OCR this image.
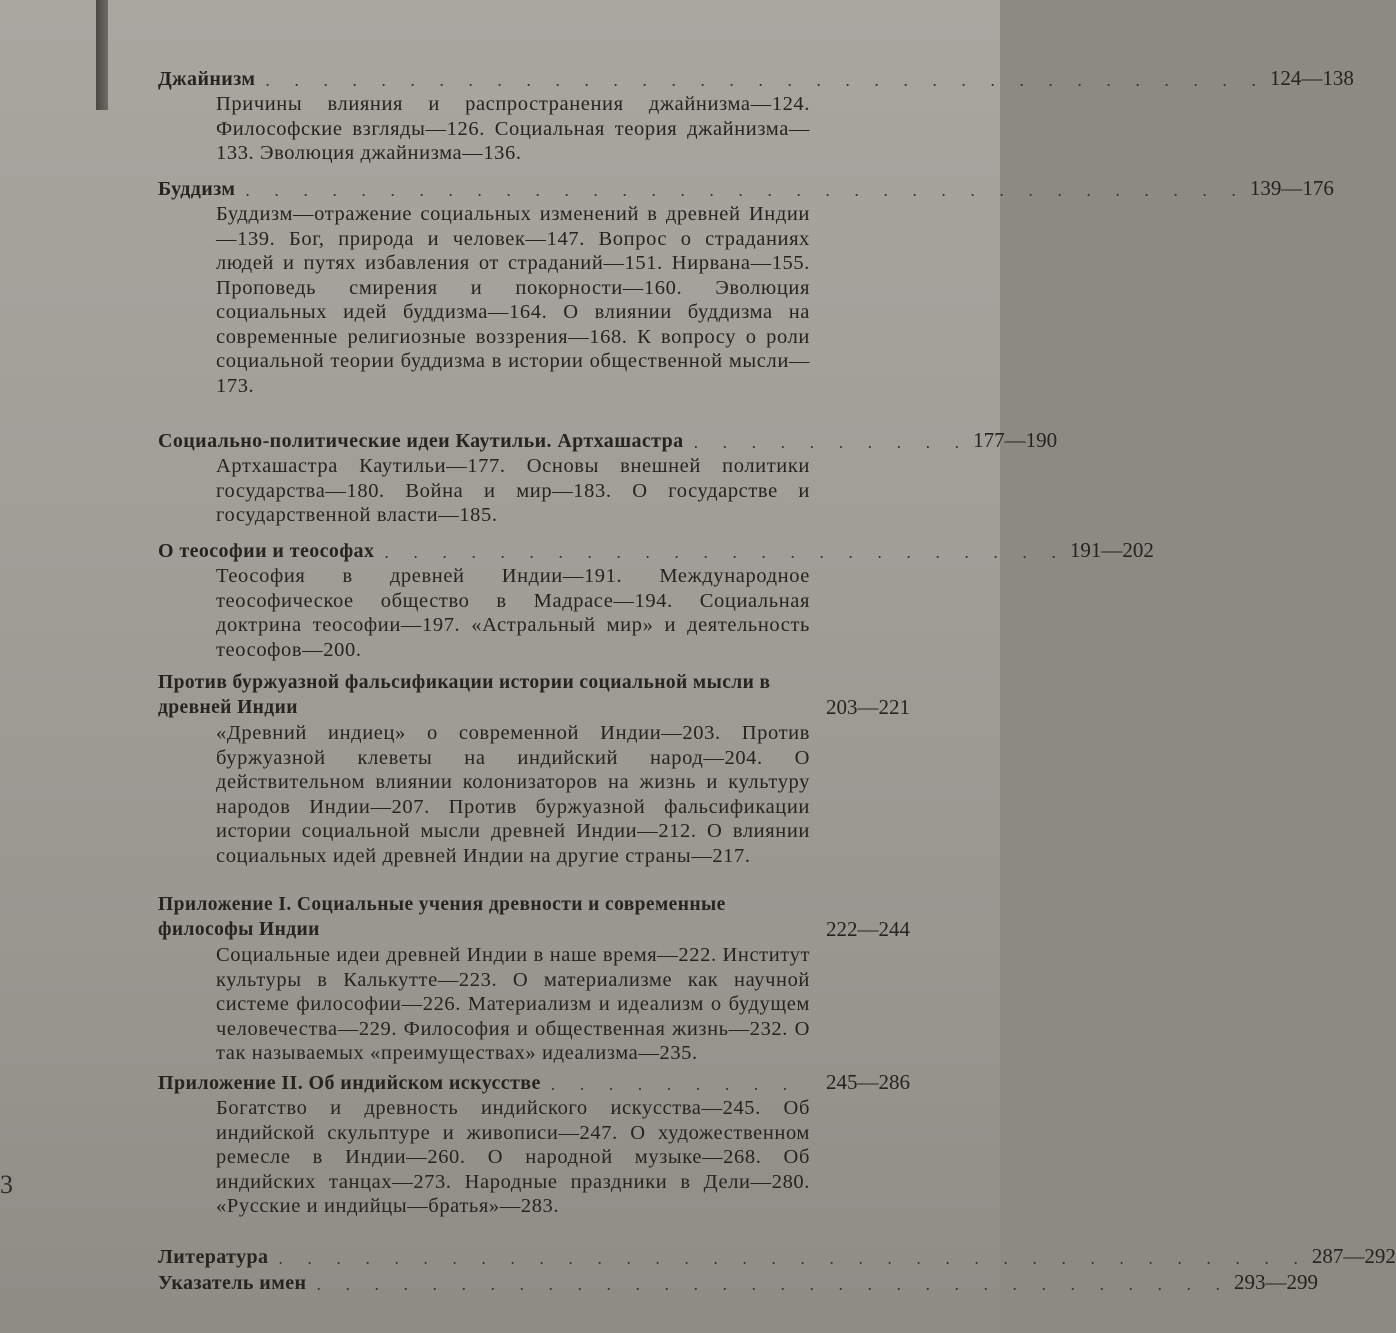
3
Джайнизм . . . . . . . . . . . . . . . . . . . . . . . . . . . . . . . . . . . 124—138
Причины влияния и распространения джайнизма—124. Философские взгляды—126. Социальная теория джайнизма—133. Эволюция джайнизма—136.
Буддизм . . . . . . . . . . . . . . . . . . . . . . . . . . . . . . . . . . . 139—176
Буддизм—отражение социальных изменений в древней Индии—139. Бог, природа и человек—147. Вопрос о страданиях людей и путях избавления от страданий—151. Нирвана—155. Проповедь смирения и покорности—160. Эволюция социальных идей буддизма—164. О влиянии буддизма на современные религиозные воззрения—168. К вопросу о роли социальной теории буддизма в истории общественной мысли—173.
Социально-политические идеи Каутильи. Артхашастра . . . . . . . . . . 177—190
Артхашастра Каутильи—177. Основы внешней политики государства—180. Война и мир—183. О государстве и государственной власти—185.
О теософии и теософах . . . . . . . . . . . . . . . . . . . . . . . . 191—202
Теософия в древней Индии—191. Международное теософическое общество в Мадрасе—194. Социальная доктрина теософии—197. «Астральный мир» и деятельность теософов—200.
Против буржуазной фальсификации истории социальной мысли в древней Индии	203—221
«Древний индиец» о современной Индии—203. Против буржуазной клеветы на индийский народ—204. О действительном влиянии колонизаторов на жизнь и культуру народов Индии—207. Против буржуазной фальсификации истории социальной мысли древней Индии—212. О влиянии социальных идей древней Индии на другие страны—217.
Приложение I. Социальные учения древности и современные философы Индии	222—244
Социальные идеи древней Индии в наше время—222. Институт культуры в Калькутте—223. О материализме как научной системе философии—226. Материализм и идеализм о будущем человечества—229. Философия и общественная жизнь—232. О так называемых «преимуществах» идеализма—235.
Приложение II. Об индийском искусстве . . . . . . . . .	245—286
Богатство и древность индийского искусства—245. Об индийской скульптуре и живописи—247. О художественном ремесле в Индии—260. О народной музыке—268. Об индийских танцах—273. Народные праздники в Дели—280. «Русские и индийцы—братья»—283.
Литература . . . . . . . . . . . . . . . . . . . . . . . . . . . . . . . . . . . . 287—292
Указатель имен . . . . . . . . . . . . . . . . . . . . . . . . . . . . . . . . 293—299
